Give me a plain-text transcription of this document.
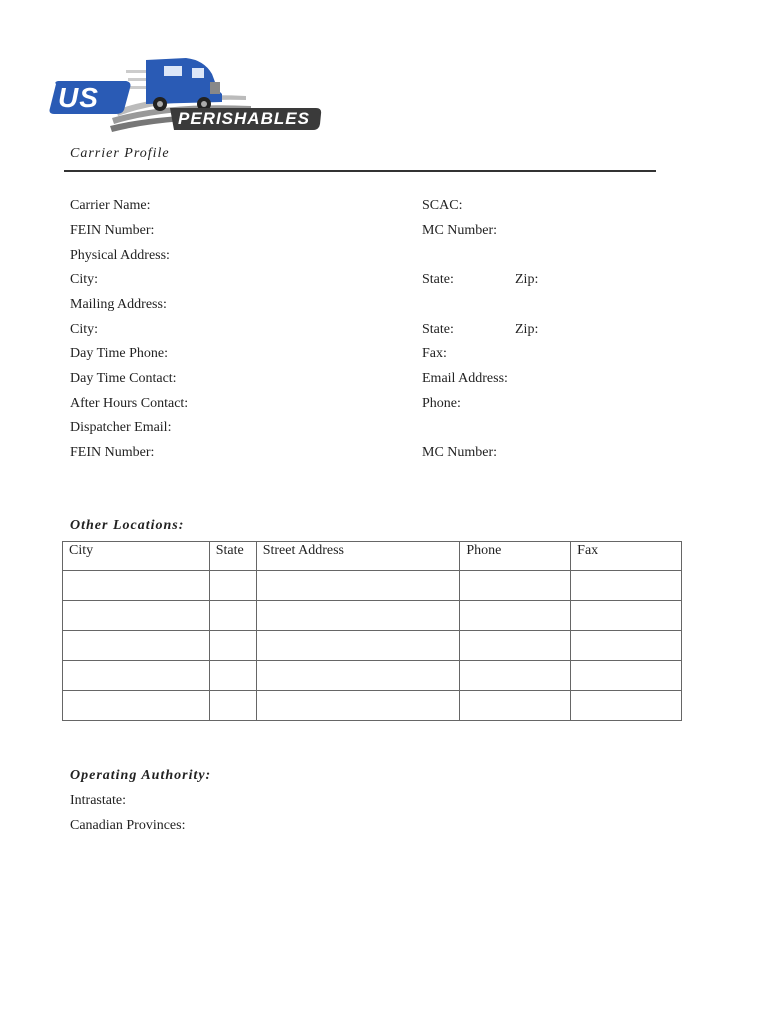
US
PERISHABLES
Carrier Profile
Carrier Name:	SCAC:
FEIN Number:	MC Number:
Physical Address:
City:	State:	Zip:
Mailing Address:
City:	State:	Zip:
Day Time Phone:	Fax:
Day Time Contact:	Email Address:
After Hours Contact:	Phone:
Dispatcher Email:
FEIN Number:	MC Number:
Other Locations:
City	State	Street Address	Phone	Fax

Operating Authority:
Intrastate:
Canadian Provinces:
